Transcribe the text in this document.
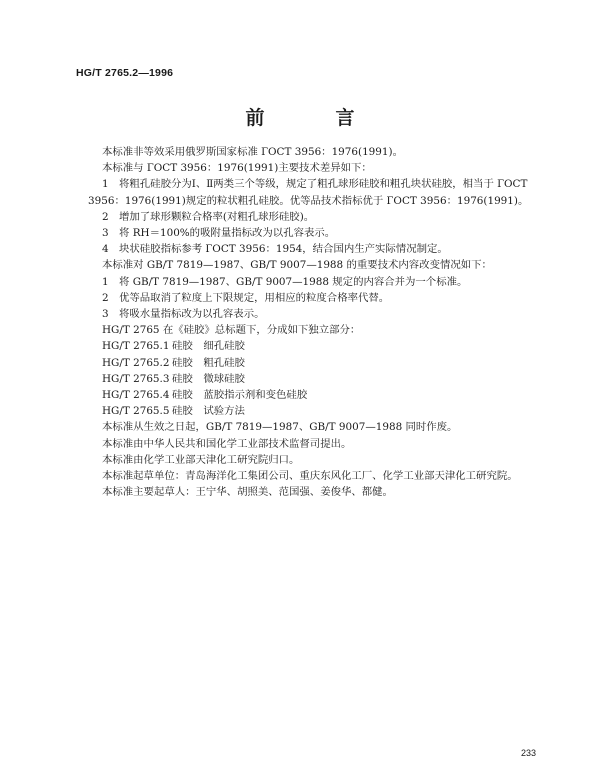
HG/T 2765.2—1996
前　言
本标准非等效采用俄罗斯国家标准 ГОСТ 3956：1976(1991)。
本标准与 ГОСТ 3956：1976(1991)主要技术差异如下：
1　将粗孔硅胶分为Ⅰ、Ⅱ两类三个等级，规定了粗孔球形硅胶和粗孔块状硅胶，相当于 ГОСТ 3956：1976(1991)规定的粒状粗孔硅胶。优等品技术指标优于 ГОСТ 3956：1976(1991)。
2　增加了球形颗粒合格率(对粗孔球形硅胶)。
3　将 RH＝100%的吸附量指标改为以孔容表示。
4　块状硅胶指标参考 ГОСТ 3956：1954，结合国内生产实际情况制定。
本标准对 GB/T 7819—1987、GB/T 9007—1988 的重要技术内容改变情况如下：
1　将 GB/T 7819—1987、GB/T 9007—1988 规定的内容合并为一个标准。
2　优等品取消了粒度上下限规定，用相应的粒度合格率代替。
3　将吸水量指标改为以孔容表示。
HG/T 2765 在《硅胶》总标题下，分成如下独立部分：
HG/T 2765.1 硅胶 细孔硅胶
HG/T 2765.2 硅胶 粗孔硅胶
HG/T 2765.3 硅胶 微球硅胶
HG/T 2765.4 硅胶 蓝胶指示剂和变色硅胶
HG/T 2765.5 硅胶 试验方法
本标准从生效之日起，GB/T 7819—1987、GB/T 9007—1988 同时作废。
本标准由中华人民共和国化学工业部技术监督司提出。
本标准由化学工业部天津化工研究院归口。
本标准起草单位：青岛海洋化工集团公司、重庆东风化工厂、化学工业部天津化工研究院。
本标准主要起草人：王宁华、胡照美、范国强、姜俊华、都健。
233
